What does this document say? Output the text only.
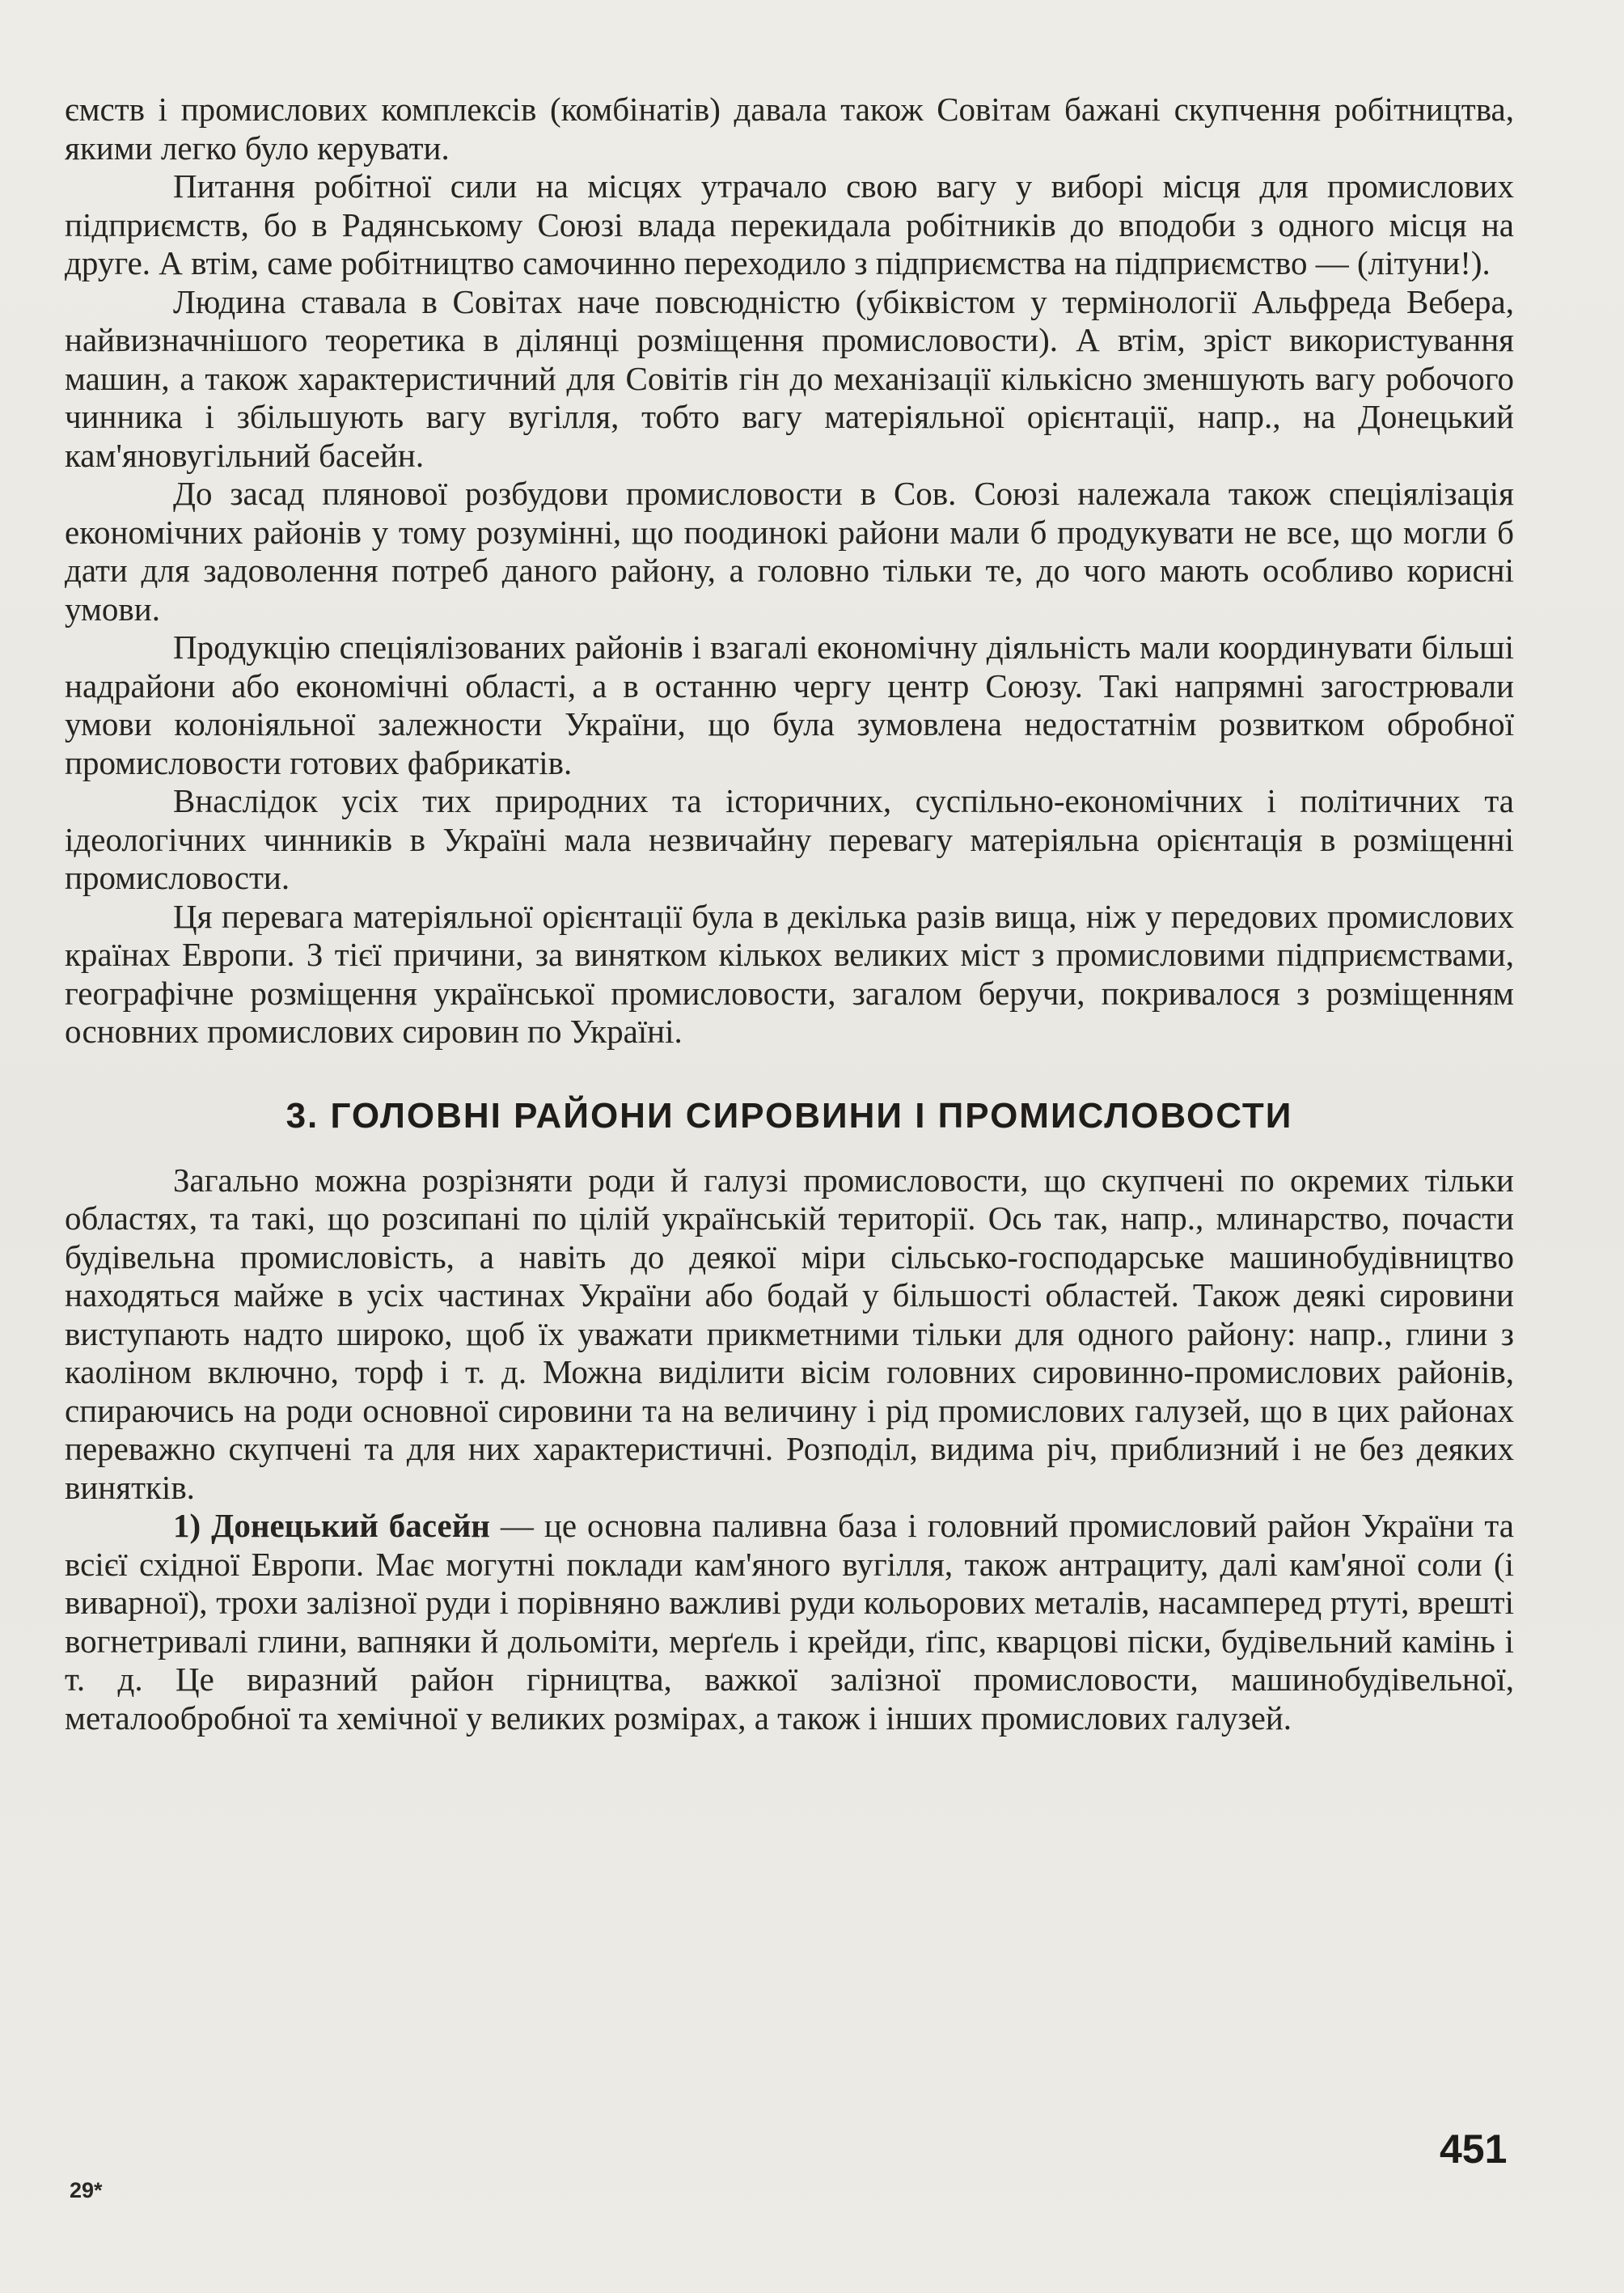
ємств і промислових комплексів (комбінатів) давала також Совітам бажані скупчення робітництва, якими легко було керувати.

Питання робітної сили на місцях утрачало свою вагу у виборі місця для промислових підприємств, бо в Радянському Союзі влада перекидала робітників до вподоби з одного місця на друге. А втім, саме робітництво самочинно переходило з підприємства на підприємство — (літуни!).

Людина ставала в Совітах наче повсюдністю (убіквістом у термінології Альфреда Вебера, найвизначнішого теоретика в ділянці розміщення промисловости). А втім, зріст використування машин, а також характеристичний для Совітів гін до механізації кількісно зменшують вагу робочого чинника і збільшують вагу вугілля, тобто вагу матеріяльної орієнтації, напр., на Донецький кам'яновугільний басейн.

До засад плянової розбудови промисловости в Сов. Союзі належала також спеціялізація економічних районів у тому розумінні, що поодинокі райони мали б продукувати не все, що могли б дати для задоволення потреб даного району, а головно тільки те, до чого мають особливо корисні умови.

Продукцію спеціялізованих районів і взагалі економічну діяльність мали координувати більші надрайони або економічні області, а в останню чергу центр Союзу. Такі напрямні загострювали умови колоніяльної залежности України, що була зумовлена недостатнім розвитком обробної промисловости готових фабрикатів.

Внаслідок усіх тих природних та історичних, суспільно-економічних і політичних та ідеологічних чинників в Україні мала незвичайну перевагу матеріяльна орієнтація в розміщенні промисловости.

Ця перевага матеріяльної орієнтації була в декілька разів вища, ніж у передових промислових країнах Европи. З тієї причини, за винятком кількох великих міст з промисловими підприємствами, географічне розміщення української промисловости, загалом беручи, покривалося з розміщенням основних промислових сировин по Україні.

3. ГОЛОВНІ РАЙОНИ СИРОВИНИ І ПРОМИСЛОВОСТИ

Загально можна розрізняти роди й галузі промисловости, що скупчені по окремих тільки областях, та такі, що розсипані по цілій українській території. Ось так, напр., млинарство, почасти будівельна промисловість, а навіть до деякої міри сільсько-господарське машинобудівництво находяться майже в усіх частинах України або бодай у більшості областей. Також деякі сировини виступають надто широко, щоб їх уважати прикметними тільки для одного району: напр., глини з каоліном включно, торф і т. д. Можна виділити вісім головних сировинно-промислових районів, спираючись на роди основної сировини та на величину і рід промислових галузей, що в цих районах переважно скупчені та для них характеристичні. Розподіл, видима річ, приблизний і не без деяких винятків.

1) Донецький басейн — це основна паливна база і головний промисловий район України та всієї східної Европи. Має могутні поклади кам'яного вугілля, також антрациту, далі кам'яної соли (і виварної), трохи залізної руди і порівняно важливі руди кольорових металів, насамперед ртуті, врешті вогнетривалі глини, вапняки й дольоміти, мерґель і крейди, ґіпс, кварцові піски, будівельний камінь і т. д. Це виразний район гірництва, важкої залізної промисловости, машинобудівельної, металообробної та хемічної у великих розмірах, а також і інших промислових галузей.

451
29*
